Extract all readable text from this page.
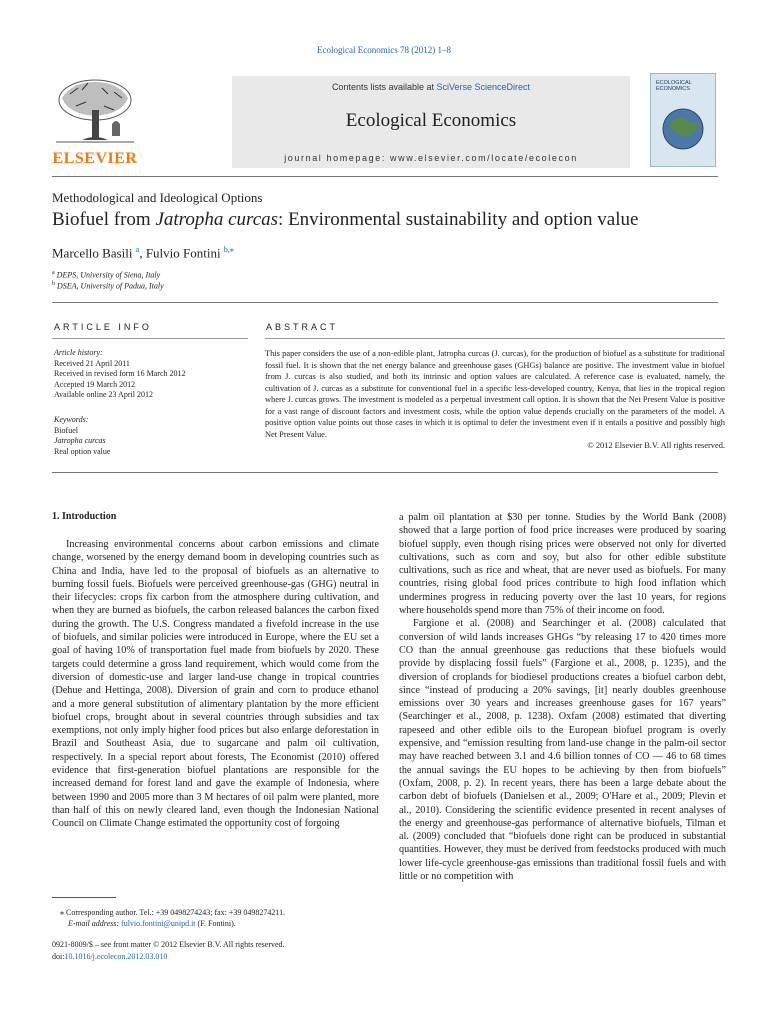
Ecological Economics 78 (2012) 1–8
Contents lists available at SciVerse ScienceDirect
Ecological Economics
journal homepage: www.elsevier.com/locate/ecolecon
ELSEVIER
ECOLOGICAL
ECONOMICS
Methodological and Ideological Options
Biofuel from Jatropha curcas: Environmental sustainability and option value
Marcello Basili $^a$, Fulvio Fontini $^{b,⁎}$
$^a$ DEPS, University of Siena, Italy
$^b$ DSEA, University of Padua, Italy
ARTICLE INFO
Article history:
Received 21 April 2011
Received in revised form 16 March 2012
Accepted 19 March 2012
Available online 23 April 2012
Keywords:
Biofuel
Jatropha curcas
Real option value
ABSTRACT
This paper considers the use of a non-edible plant, Jatropha curcas (J. curcas), for the production of biofuel as a substitute for traditional fossil fuel. It is shown that the net energy balance and greenhouse gases (GHGs) balance are positive. The investment value in biofuel from J. curcas is also studied, and both its intrinsic and option values are calculated. A reference case is evaluated, namely, the cultivation of J. curcas as a substitute for conventional fuel in a specific less-developed country, Kenya, that lies in the tropical region where J. curcas grows. The investment is modeled as a perpetual investment call option. It is shown that the Net Present Value is positive for a vast range of discount factors and investment costs, while the option value depends crucially on the parameters of the model. A positive option value points out those cases in which it is optimal to defer the investment even if it entails a positive and possibly high Net Present Value.
© 2012 Elsevier B.V. All rights reserved.
1. Introduction

Increasing environmental concerns about carbon emissions and climate change, worsened by the energy demand boom in developing countries such as China and India, have led to the proposal of biofuels as an alternative to burning fossil fuels. Biofuels were perceived greenhouse-gas (GHG) neutral in their lifecycles: crops fix carbon from the atmosphere during cultivation, and when they are burned as biofuels, the carbon released balances the carbon fixed during the growth. The U.S. Congress mandated a fivefold increase in the use of biofuels, and similar policies were introduced in Europe, where the EU set a goal of having 10% of transportation fuel made from biofuels by 2020. These targets could determine a gross land requirement, which would come from the diversion of domestic-use and larger land-use change in tropical countries (Dehue and Hettinga, 2008). Diversion of grain and corn to produce ethanol and a more general substitution of alimentary plantation by the more efficient biofuel crops, brought about in several countries through subsidies and tax exemptions, not only imply higher food prices but also enlarge deforestation in Brazil and Southeast Asia, due to sugarcane and palm oil cultivation, respectively. In a special report about forests, The Economist (2010) offered evidence that first-generation biofuel plantations are responsible for the increased demand for forest land and gave the example of Indonesia, where between 1990 and 2005 more than 3 M hectares of oil palm were planted, more than half of this on newly cleared land, even though the Indonesian National Council on Climate Change estimated the opportunity cost of forgoing

a palm oil plantation at $30 per tonne. Studies by the World Bank (2008) showed that a large portion of food price increases were produced by soaring biofuel supply, even though rising prices were observed not only for diverted cultivations, such as corn and soy, but also for other edible substitute cultivations, such as rice and wheat, that are never used as biofuels. For many countries, rising global food prices contribute to high food inflation which undermines progress in reducing poverty over the last 10 years, for regions where households spend more than 75% of their income on food.

Fargione et al. (2008) and Searchinger et al. (2008) calculated that conversion of wild lands increases GHGs “by releasing 17 to 420 times more CO than the annual greenhouse gas reductions that these biofuels would provide by displacing fossil fuels” (Fargione et al., 2008, p. 1235), and the diversion of croplands for biodiesel productions creates a biofuel carbon debt, since “instead of producing a 20% savings, [it] nearly doubles greenhouse emissions over 30 years and increases greenhouse gases for 167 years” (Searchinger et al., 2008, p. 1238). Oxfam (2008) estimated that diverting rapeseed and other edible oils to the European biofuel program is overly expensive, and “emission resulting from land-use change in the palm-oil sector may have reached between 3.1 and 4.6 billion tonnes of CO — 46 to 68 times the annual savings the EU hopes to be achieving by then from biofuels” (Oxfam, 2008, p. 2). In recent years, there has been a large debate about the carbon debt of biofuels (Danielsen et al., 2009; O'Hare et al., 2009; Plevin et al., 2010). Considering the scientific evidence presented in recent analyses of the energy and greenhouse-gas performance of alternative biofuels, Tilman et al. (2009) concluded that “biofuels done right can be produced in substantial quantities. However, they must be derived from feedstocks produced with much lower life-cycle greenhouse-gas emissions than traditional fossil fuels and with little or no competition with

⁎ Corresponding author. Tel.: +39 0498274243; fax: +39 0498274211.
E-mail address: fulvio.fontini@unipd.it (F. Fontini).
0921-8009/$ – see front matter © 2012 Elsevier B.V. All rights reserved.
doi:10.1016/j.ecolecon.2012.03.010
